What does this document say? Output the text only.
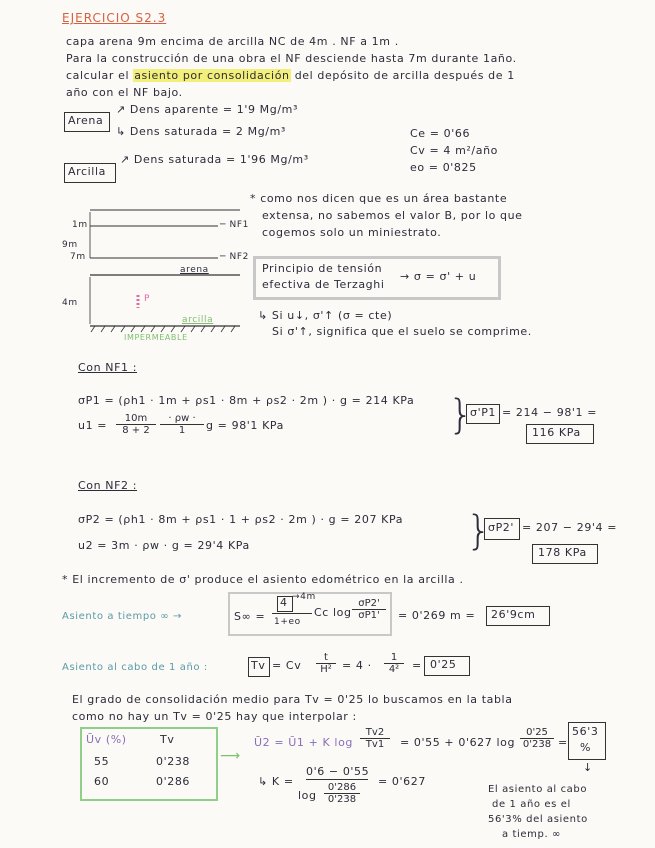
EJERCICIO S2.3
capa arena 9m encima de arcilla NC de 4m . NF a 1m .
Para la construcción de una obra el NF desciende hasta 7m durante 1año.
calcular el asiento por consolidación del depósito de arcilla después de 1
año con el NF bajo.
Arena
↗ Dens aparente = 1'9 Mg/m³
↳ Dens saturada = 2 Mg/m³
Arcilla
↗ Dens saturada = 1'96 Mg/m³
Ce = 0'66
Cv = 4 m²/año
eo = 0'825
1m
9m
7m
4m
─ NF1
─ NF2
arena
arcilla
P
IMPERMEABLE
* como nos dicen que es un área bastante
extensa, no sabemos el valor B, por lo que
cogemos solo un miniestrato.
Principio de tensión
efectiva de Terzaghi
→ σ = σ' + u
↳ Si u↓, σ'↑ (σ = cte)
Si σ'↑, significa que el suelo se comprime.
Con NF1 :
σP1 = (ρh1 · 1m + ρs1 · 8m + ρs2 · 2m ) · g = 214 KPa
$u1 = \frac{10m}{8 + 2} \frac{\cdot \rho w \cdot}{1}$ g = 98'1 KPa	}
σ'P1 = 214 − 98'1 =
116 KPa
Con NF2 :
σP2 = (ρh1 · 8m + ρs1 · 1 + ρs2 · 2m ) · g = 207 KPa
u2 = 3m · ρw · g = 29'4 KPa	}
σP2' = 207 − 29'4 =
178 KPa
* El incremento de σ' produce el asiento edométrico en la arcilla .
Asiento a tiempo ∞ →	S∞ =
4 →4m
1+eo
Cc $\log \frac{\sigma P2'}{\sigma P1'} = 0'269$ m = 26'9cm
Asiento al cabo de 1 año :	Tv = Cv $\frac{t}{\text{H²}} = 4 \cdot \frac{1}{\text{4²}} = 0'25$
El grado de consolidación medio para Tv = 0'25 lo buscamos en la tabla
como no hay un Tv = 0'25 hay que interpolar :
Ūv (%)	Tv
55	0'238
60	0'286
⟶
Ū2 = Ū1 + K $\log \frac{Tv2}{Tv1} = 0'55 + 0'627$ $\log \frac{0'25}{0'238}$ =
56'3
%
↳ K =
0'6 − 0'55
$\log \frac{0'286}{0'238}$
= 0'627
↓
El asiento al cabo
de 1 año es el
56'3% del asiento
a tiemp. ∞
